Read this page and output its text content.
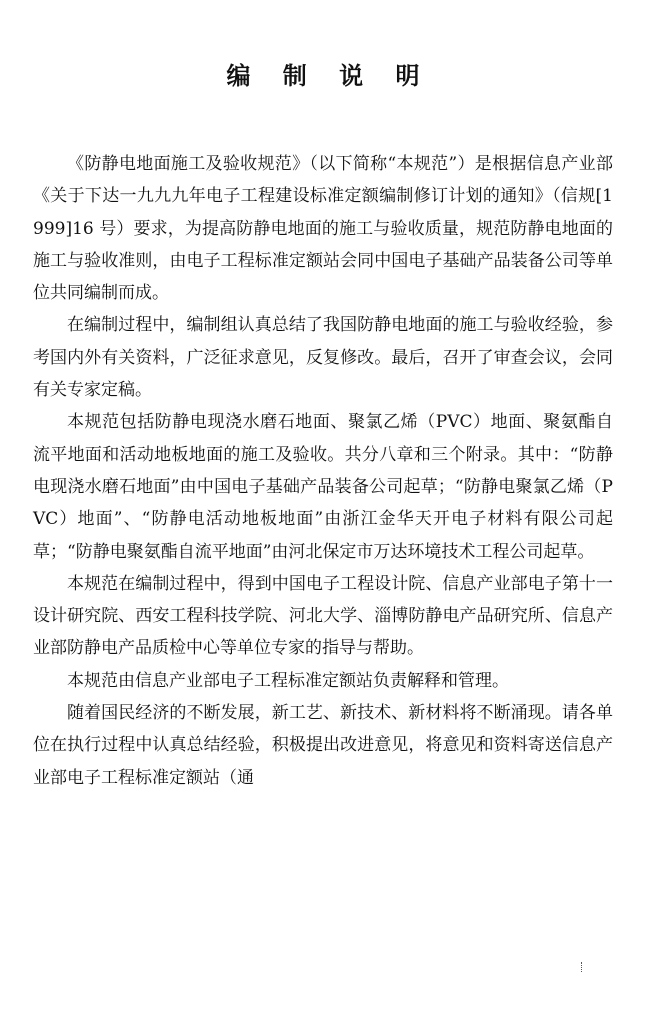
编 制 说 明

《防静电地面施工及验收规范》（以下简称“本规范”）是根据信息产业部《关于下达一九九九年电子工程建设标准定额编制修订计划的通知》（信规[1999]16 号）要求，为提高防静电地面的施工与验收质量，规范防静电地面的施工与验收准则，由电子工程标准定额站会同中国电子基础产品装备公司等单位共同编制而成。

在编制过程中，编制组认真总结了我国防静电地面的施工与验收经验，参考国内外有关资料，广泛征求意见，反复修改。最后，召开了审查会议，会同有关专家定稿。

本规范包括防静电现浇水磨石地面、聚氯乙烯（PVC）地面、聚氨酯自流平地面和活动地板地面的施工及验收。共分八章和三个附录。其中：“防静电现浇水磨石地面”由中国电子基础产品装备公司起草；“防静电聚氯乙烯（PVC）地面”、“防静电活动地板地面”由浙江金华天开电子材料有限公司起草；“防静电聚氨酯自流平地面”由河北保定市万达环境技术工程公司起草。

本规范在编制过程中，得到中国电子工程设计院、信息产业部电子第十一设计研究院、西安工程科技学院、河北大学、淄博防静电产品研究所、信息产业部防静电产品质检中心等单位专家的指导与帮助。

本规范由信息产业部电子工程标准定额站负责解释和管理。

随着国民经济的不断发展，新工艺、新技术、新材料将不断涌现。请各单位在执行过程中认真总结经验，积极提出改进意见，将意见和资料寄送信息产业部电子工程标准定额站（通
